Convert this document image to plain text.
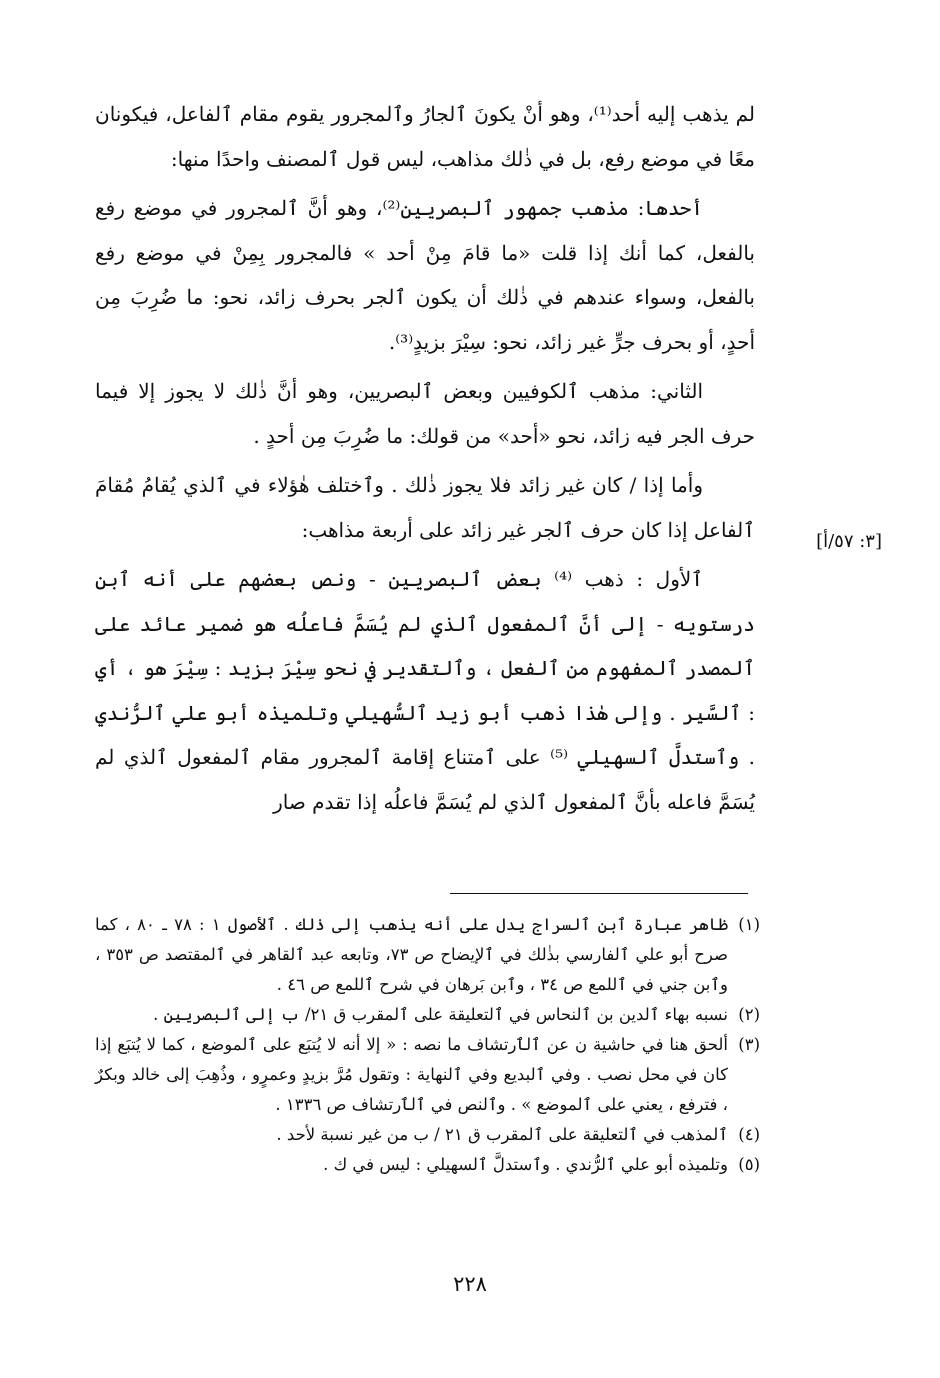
لم يذهب إليه أحد⁽¹⁾، وهو أنْ يكونَ ٱلجارُ وٱلمجرور يقوم مقام ٱلفاعل، فيكونان معًا في موضع رفع، بل في ذٰلك مذاهب، ليس قول ٱلمصنف واحدًا منها:

أحدها: مذهب جمهور ٱلبصريين⁽²⁾، وهو أنَّ ٱلمجرور في موضع رفع بالفعل، كما أنك إذا قلت «ما قامَ مِنْ أحد » فالمجرور بِمِنْ في موضع رفع بالفعل، وسواء عندهم في ذٰلك أن يكون ٱلجر بحرف زائد، نحو: ما ضُرِبَ مِن أحدٍ، أو بحرف جرٍّ غير زائد، نحو: سِيْرَ بزيدٍ⁽³⁾.

الثاني: مذهب ٱلكوفيين وبعض ٱلبصريين، وهو أنَّ ذٰلك لا يجوز إلا فيما حرف الجر فيه زائد، نحو «أحد» من قولك: ما ضُرِبَ مِن أحدٍ .

وأما إذا / كان غير زائد فلا يجوز ذٰلك . وٱختلف هٰؤلاء في ٱلذي يُقامُ مُقامَ ٱلفاعل إذا كان حرف ٱلجر غير زائد على أربعة مذاهب:

ٱلأول : ذهب ⁽⁴⁾ بعض ٱلبصريين - ونص بعضهم على أنه ٱبن درستويه - إلى أنَّ ٱلمفعول ٱلذي لم يُسَمَّ فاعلُه هو ضمير عائد على ٱلمصدر ٱلمفهوم من ٱلفعل ، وٱلتقدير في نحو سِيْرَ بزيد : سِيْرَ هو ، أي : ٱلسَّير . وإلى هٰذا ذهب أبو زيد ٱلسُّهيلي وتلميذه أبو علي ٱلرُّندي . وٱستدلَّ ٱلسهيلي ⁽⁵⁾ على ٱمتناع إقامة ٱلمجرور مقام ٱلمفعول ٱلذي لم يُسَمَّ فاعله بأنَّ ٱلمفعول ٱلذي لم يُسَمَّ فاعلُه إذا تقدم صار

[٣: ٥٧/أ]

(١)
ظاهر عبارة ٱبن ٱلسراج يدل على أنه يذهب إلى ذٰلك . ٱلأصول ١ : ٧٨ ـ ٨٠ ، كما صرح أبو علي ٱلفارسي بذٰلك في ٱلإيضاح ص ٧٣، وتابعه عبد ٱلقاهر في ٱلمقتصد ص ٣٥٣ ، وٱبن جني في ٱللمع ص ٣٤ ، وٱبن بَرهان في شرح ٱللمع ص ٤٦ .

(٢)
نسبه بهاء ٱلدين بن ٱلنحاس في ٱلتعليقة على ٱلمقرب ق ٢١/ ب إلى ٱلبصريين .

(٣)
ألحق هنا في حاشية ن عن ٱلٱرتشاف ما نصه : « إلا أنه لا يُتبَع على ٱلموضع ، كما لا يُتبَع إذا كان في محل نصب . وفي ٱلبديع وفي ٱلنهاية : وتقول مُرَّ بزيدٍ وعمرٍو ، وذُهِبَ إلى خالد وبكرٌ ، فترفع ، يعني على ٱلموضع » . وٱلنص في ٱلٱرتشاف ص ١٣٣٦ .

(٤)
ٱلمذهب في ٱلتعليقة على ٱلمقرب ق ٢١ / ب من غير نسبة لأحد .

(٥)
وتلميذه أبو علي ٱلرُّندي . وٱستدلَّ ٱلسهيلي : ليس في ك .

٢٢٨
